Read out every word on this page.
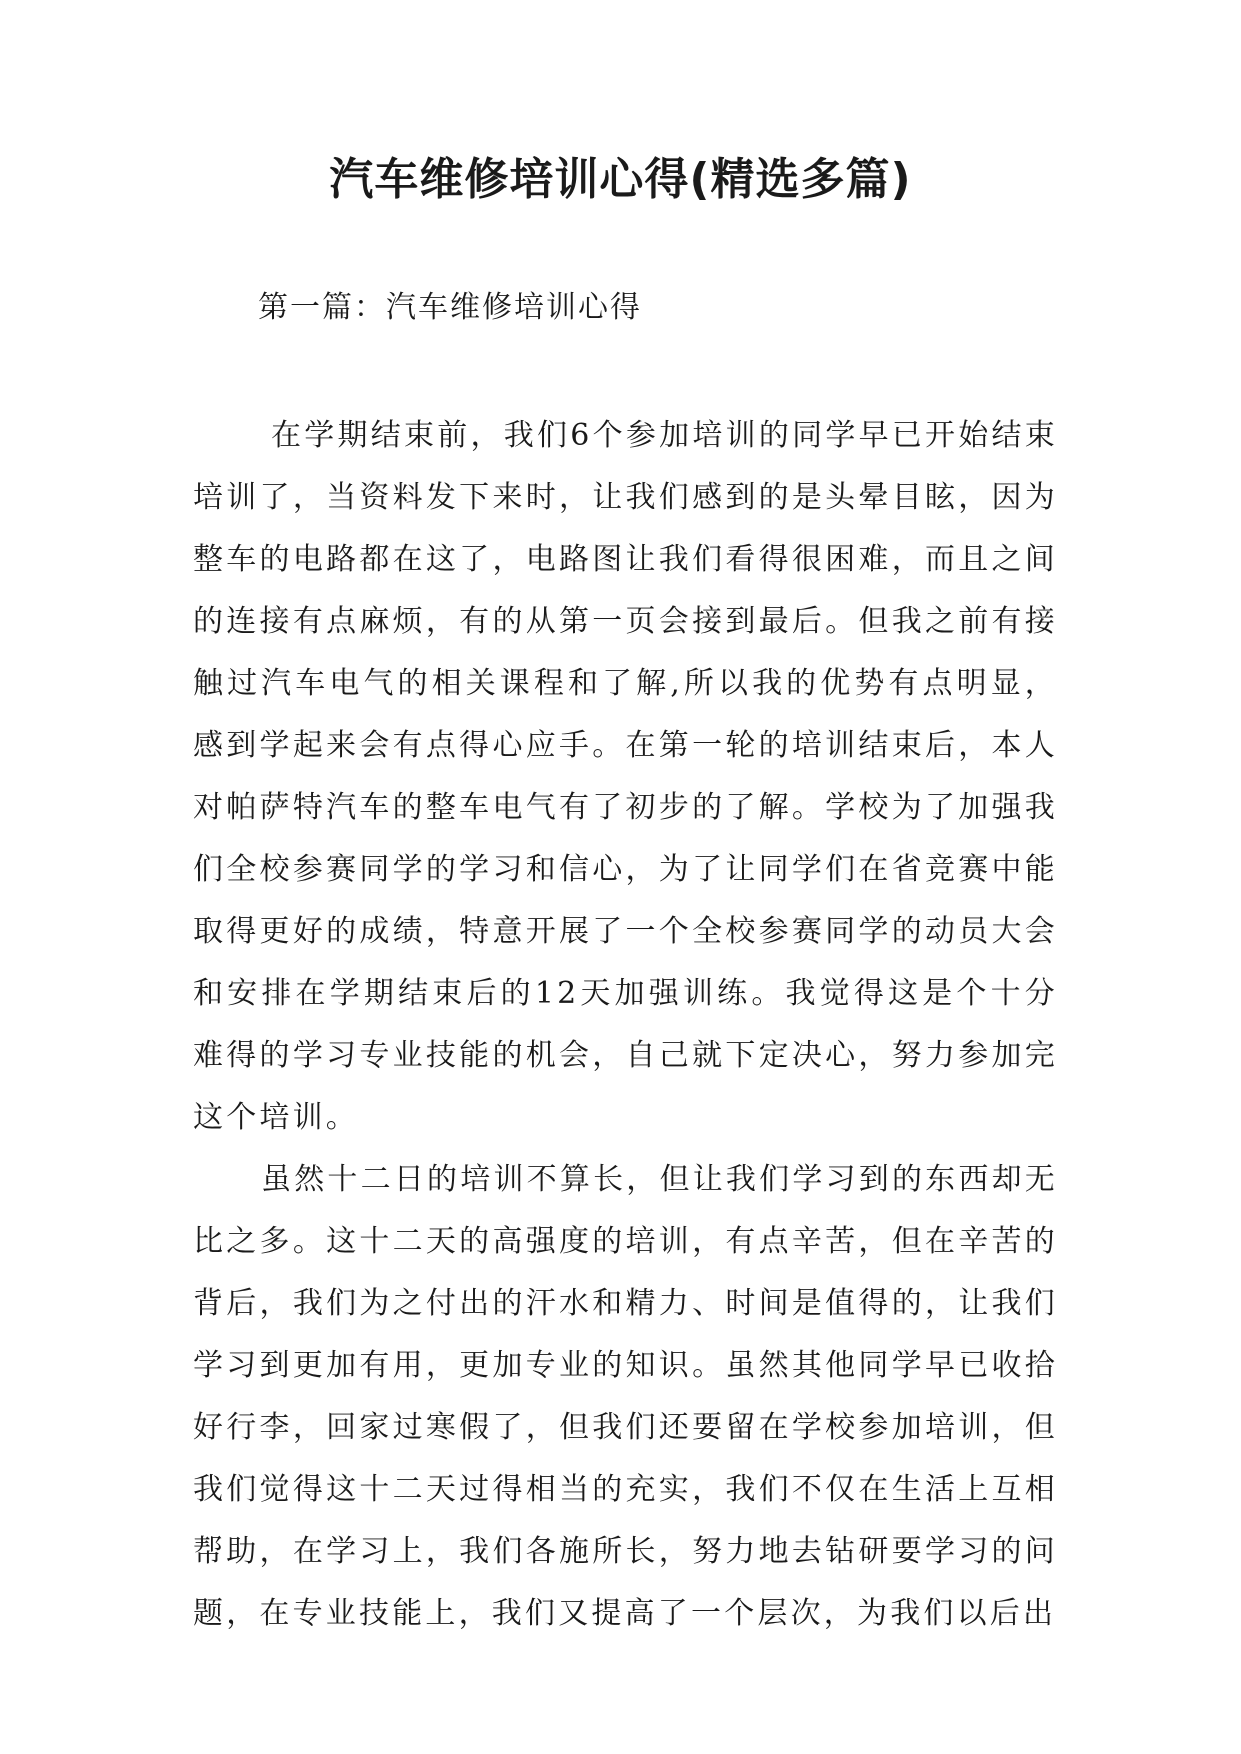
汽车维修培训心得(精选多篇)
第一篇：汽车维修培训心得

在学期结束前，我们6个参加培训的同学早已开始结束培训了，当资料发下来时，让我们感到的是头晕目眩，因为整车的电路都在这了，电路图让我们看得很困难，而且之间的连接有点麻烦，有的从第一页会接到最后。但我之前有接触过汽车电气的相关课程和了解,所以我的优势有点明显，感到学起来会有点得心应手。在第一轮的培训结束后，本人对帕萨特汽车的整车电气有了初步的了解。学校为了加强我们全校参赛同学的学习和信心，为了让同学们在省竞赛中能取得更好的成绩，特意开展了一个全校参赛同学的动员大会和安排在学期结束后的12天加强训练。我觉得这是个十分难得的学习专业技能的机会，自己就下定决心，努力参加完这个培训。

虽然十二日的培训不算长，但让我们学习到的东西却无比之多。这十二天的高强度的培训，有点辛苦，但在辛苦的背后，我们为之付出的汗水和精力、时间是值得的，让我们学习到更加有用，更加专业的知识。虽然其他同学早已收拾好行李，回家过寒假了，但我们还要留在学校参加培训，但我们觉得这十二天过得相当的充实，我们不仅在生活上互相帮助，在学习上，我们各施所长，努力地去钻研要学习的问题，在专业技能上，我们又提高了一个层次，为我们以后出
